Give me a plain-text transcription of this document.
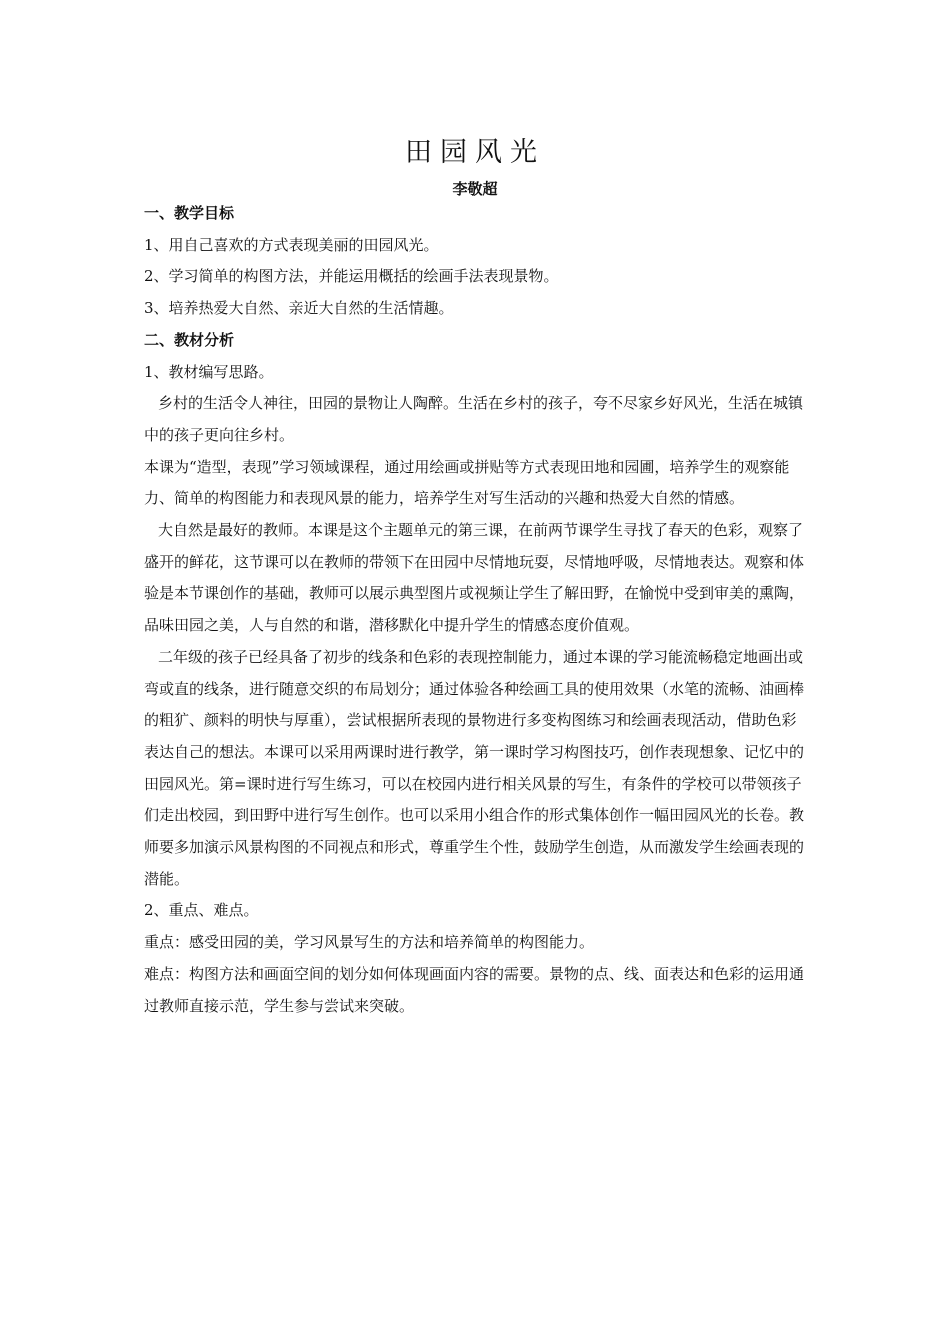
田园风光
李敬超

一、教学目标

1、用自己喜欢的方式表现美丽的田园风光。

2、学习简单的构图方法，并能运用概括的绘画手法表现景物。

3、培养热爱大自然、亲近大自然的生活情趣。

二、教材分析

1、教材编写思路。

乡村的生活令人神往，田园的景物让人陶醉。生活在乡村的孩子，夸不尽家乡好风光，生活在城镇中的孩子更向往乡村。

本课为“造型，表现”学习领域课程，通过用绘画或拼贴等方式表现田地和园圃，培养学生的观察能力、简单的构图能力和表现风景的能力，培养学生对写生活动的兴趣和热爱大自然的情感。

大自然是最好的教师。本课是这个主题单元的第三课，在前两节课学生寻找了春天的色彩，观察了盛开的鲜花，这节课可以在教师的带领下在田园中尽情地玩耍，尽情地呼吸，尽情地表达。观察和体验是本节课创作的基础，教师可以展示典型图片或视频让学生了解田野，在愉悦中受到审美的熏陶，品味田园之美，人与自然的和谐，潜移默化中提升学生的情感态度价值观。

二年级的孩子已经具备了初步的线条和色彩的表现控制能力，通过本课的学习能流畅稳定地画出或弯或直的线条，进行随意交织的布局划分；通过体验各种绘画工具的使用效果（水笔的流畅、油画棒的粗犷、颜料的明快与厚重），尝试根据所表现的景物进行多变构图练习和绘画表现活动，借助色彩表达自己的想法。本课可以采用两课时进行教学，第一课时学习构图技巧，创作表现想象、记忆中的田园风光。第=课时进行写生练习，可以在校园内进行相关风景的写生，有条件的学校可以带领孩子们走出校园，到田野中进行写生创作。也可以采用小组合作的形式集体创作一幅田园风光的长卷。教师要多加演示风景构图的不同视点和形式，尊重学生个性，鼓励学生创造，从而激发学生绘画表现的潜能。

2、重点、难点。

重点：感受田园的美，学习风景写生的方法和培养简单的构图能力。

难点：构图方法和画面空间的划分如何体现画面内容的需要。景物的点、线、面表达和色彩的运用通过教师直接示范，学生参与尝试来突破。
